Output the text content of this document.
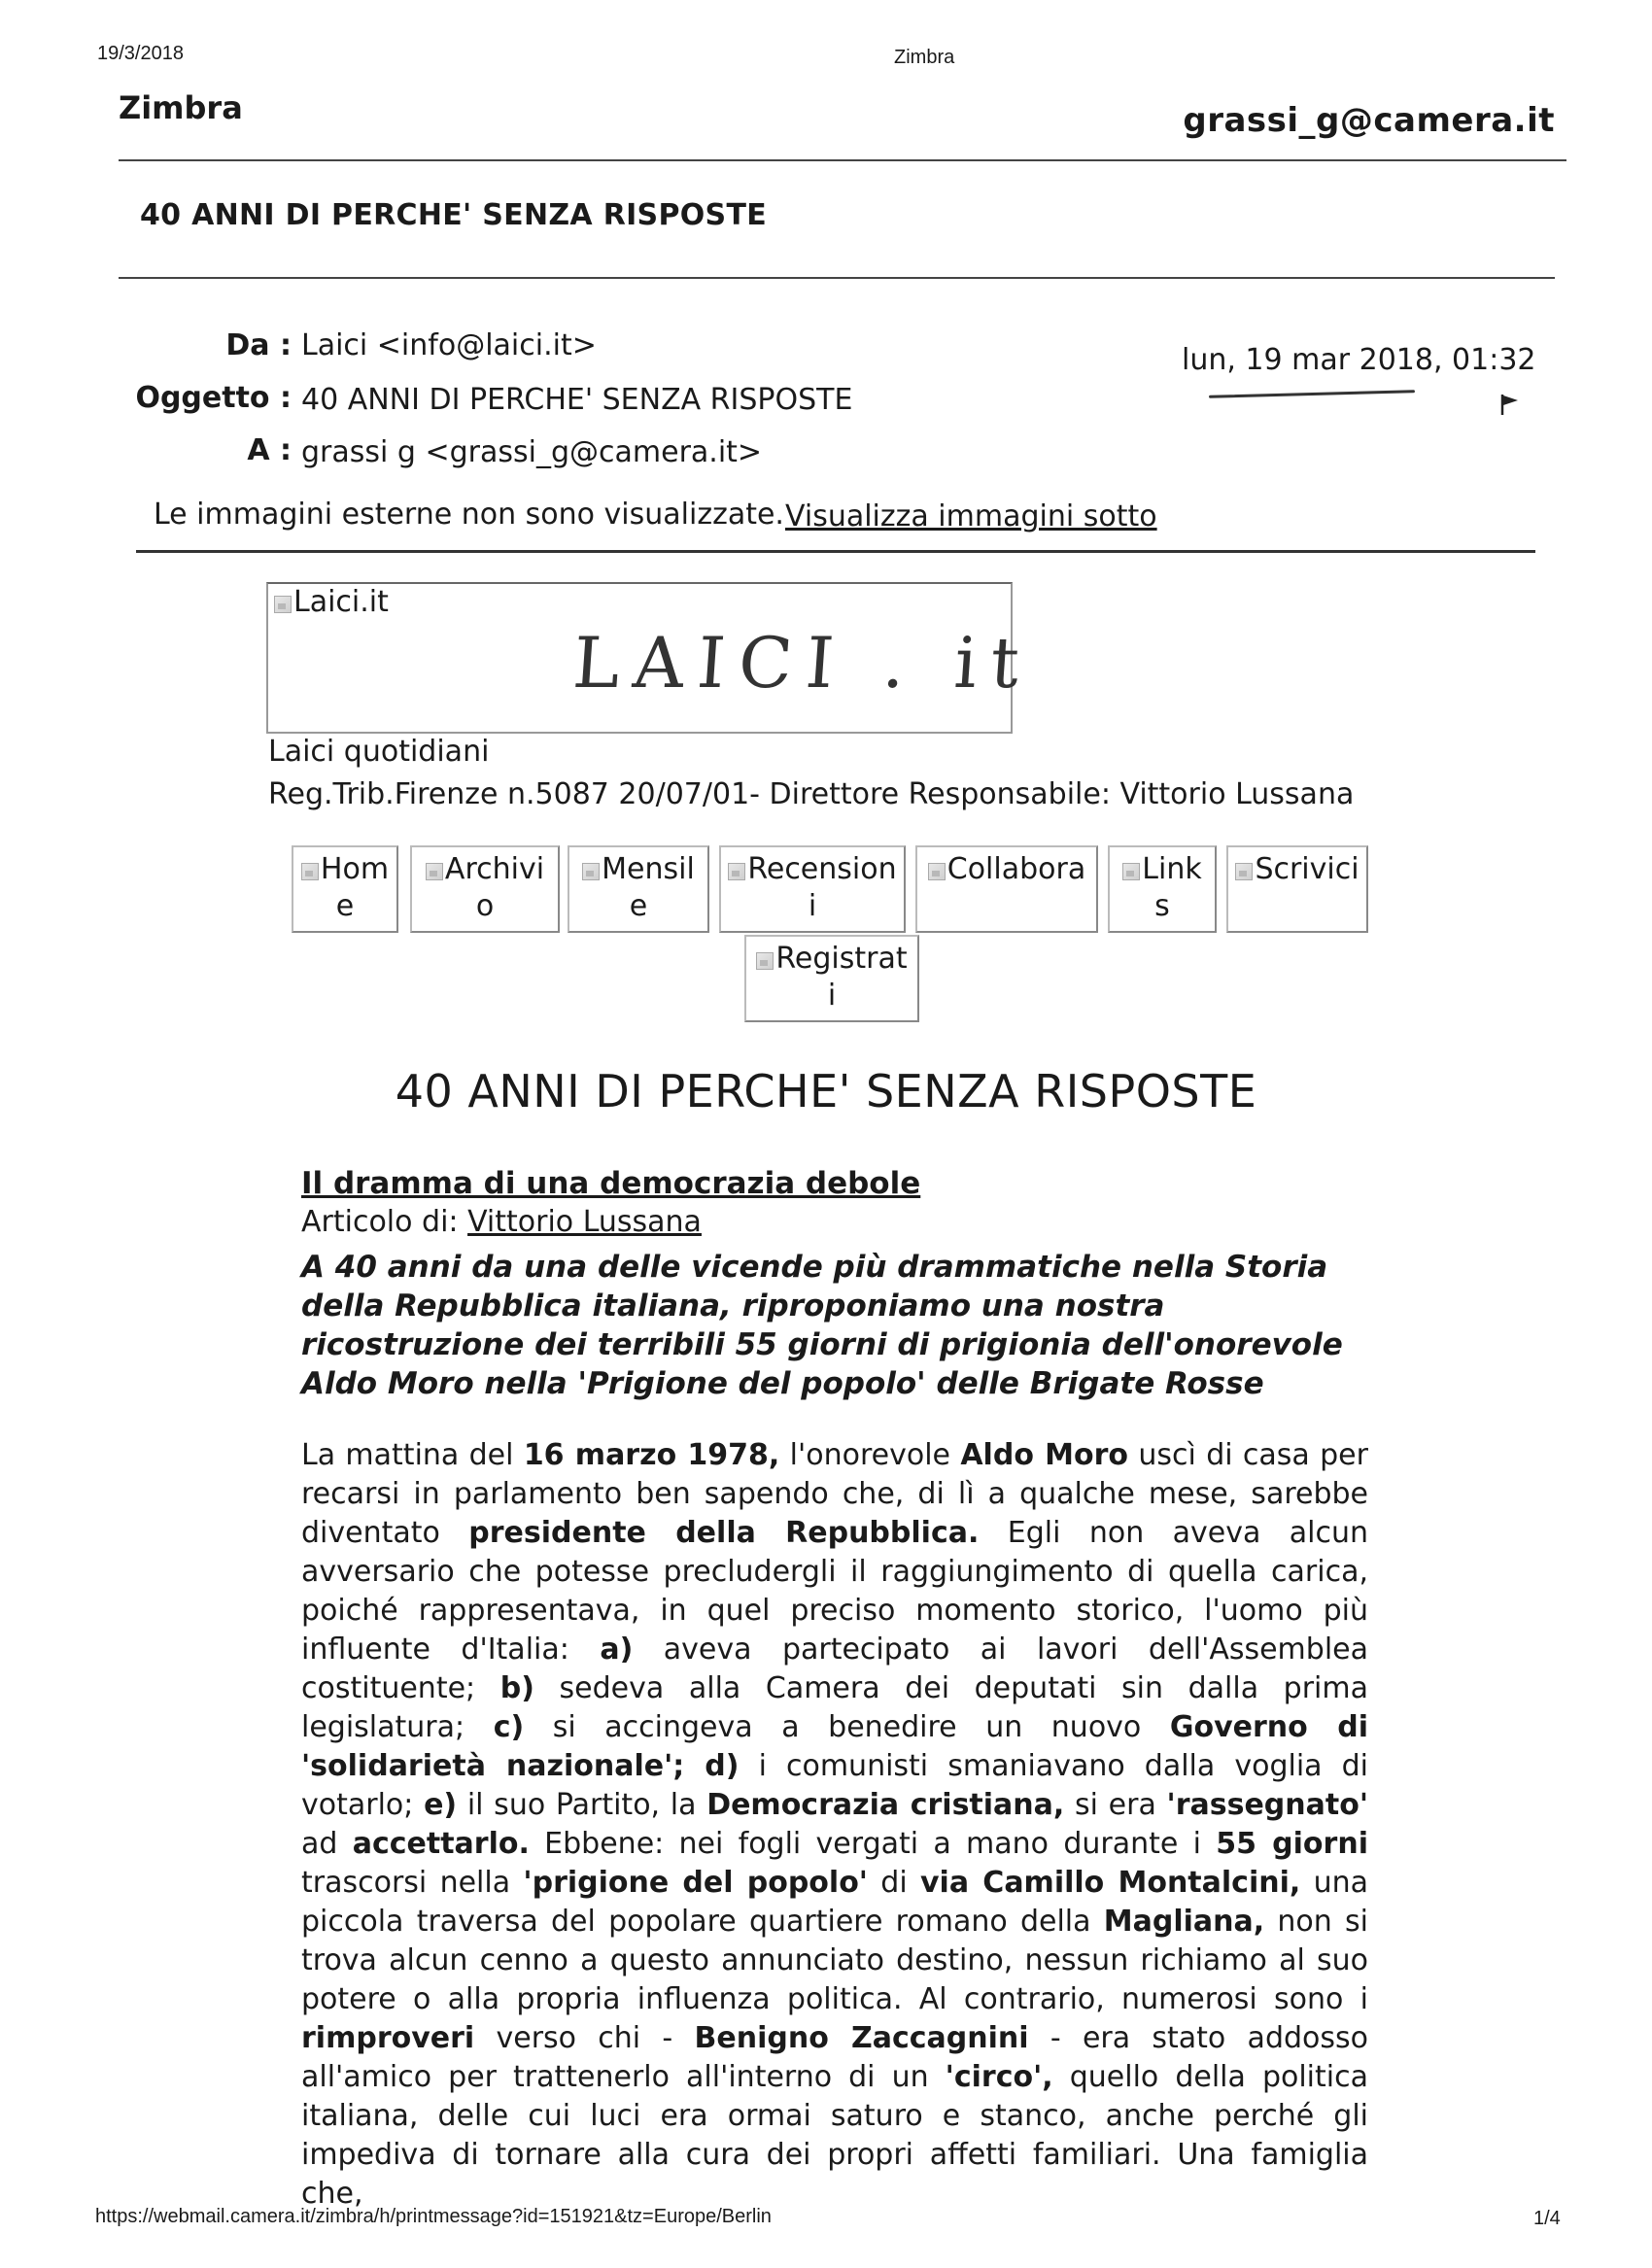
19/3/2018	Zimbra
Zimbra	grassi_g@camera.it
40 ANNI DI PERCHE' SENZA RISPOSTE
Da : Laici <info@laici.it>
Oggetto : 40 ANNI DI PERCHE' SENZA RISPOSTE
A : grassi g <grassi_g@camera.it>
lun, 19 mar 2018, 01:32
Le immagini esterne non sono visualizzate. Visualizza immagini sotto
Laici.it
LAICI . it
Laici quotidiani
Reg.Trib.Firenze n.5087 20/07/01- Direttore Responsabile: Vittorio Lussana
Hom
e
Archivi
o
Mensil
e
Recension
i
Collabora	Link
s
Scrivici
Registrat
i
40 ANNI DI PERCHE' SENZA RISPOSTE
Il dramma di una democrazia debole
Articolo di: Vittorio Lussana
A 40 anni da una delle vicende più drammatiche nella Storia della Repubblica italiana, riproponiamo una nostra ricostruzione dei terribili 55 giorni di prigionia dell'onorevole Aldo Moro nella 'Prigione del popolo' delle Brigate Rosse
La mattina del 16 marzo 1978, l'onorevole Aldo Moro uscì di casa per recarsi in parlamento ben sapendo che, di lì a qualche mese, sarebbe diventato presidente della Repubblica. Egli non aveva alcun avversario che potesse precludergli il raggiungimento di quella carica, poiché rappresentava, in quel preciso momento storico, l'uomo più influente d'Italia: a) aveva partecipato ai lavori dell'Assemblea costituente; b) sedeva alla Camera dei deputati sin dalla prima legislatura; c) si accingeva a benedire un nuovo Governo di 'solidarietà nazionale'; d) i comunisti smaniavano dalla voglia di votarlo; e) il suo Partito, la Democrazia cristiana, si era 'rassegnato' ad accettarlo. Ebbene: nei fogli vergati a mano durante i 55 giorni trascorsi nella 'prigione del popolo' di via Camillo Montalcini, una piccola traversa del popolare quartiere romano della Magliana, non si trova alcun cenno a questo annunciato destino, nessun richiamo al suo potere o alla propria influenza politica. Al contrario, numerosi sono i rimproveri verso chi - Benigno Zaccagnini - era stato addosso all'amico per trattenerlo all'interno di un 'circo', quello della politica italiana, delle cui luci era ormai saturo e stanco, anche perché gli impediva di tornare alla cura dei propri affetti familiari. Una famiglia che,
https://webmail.camera.it/zimbra/h/printmessage?id=151921&tz=Europe/Berlin	1/4
